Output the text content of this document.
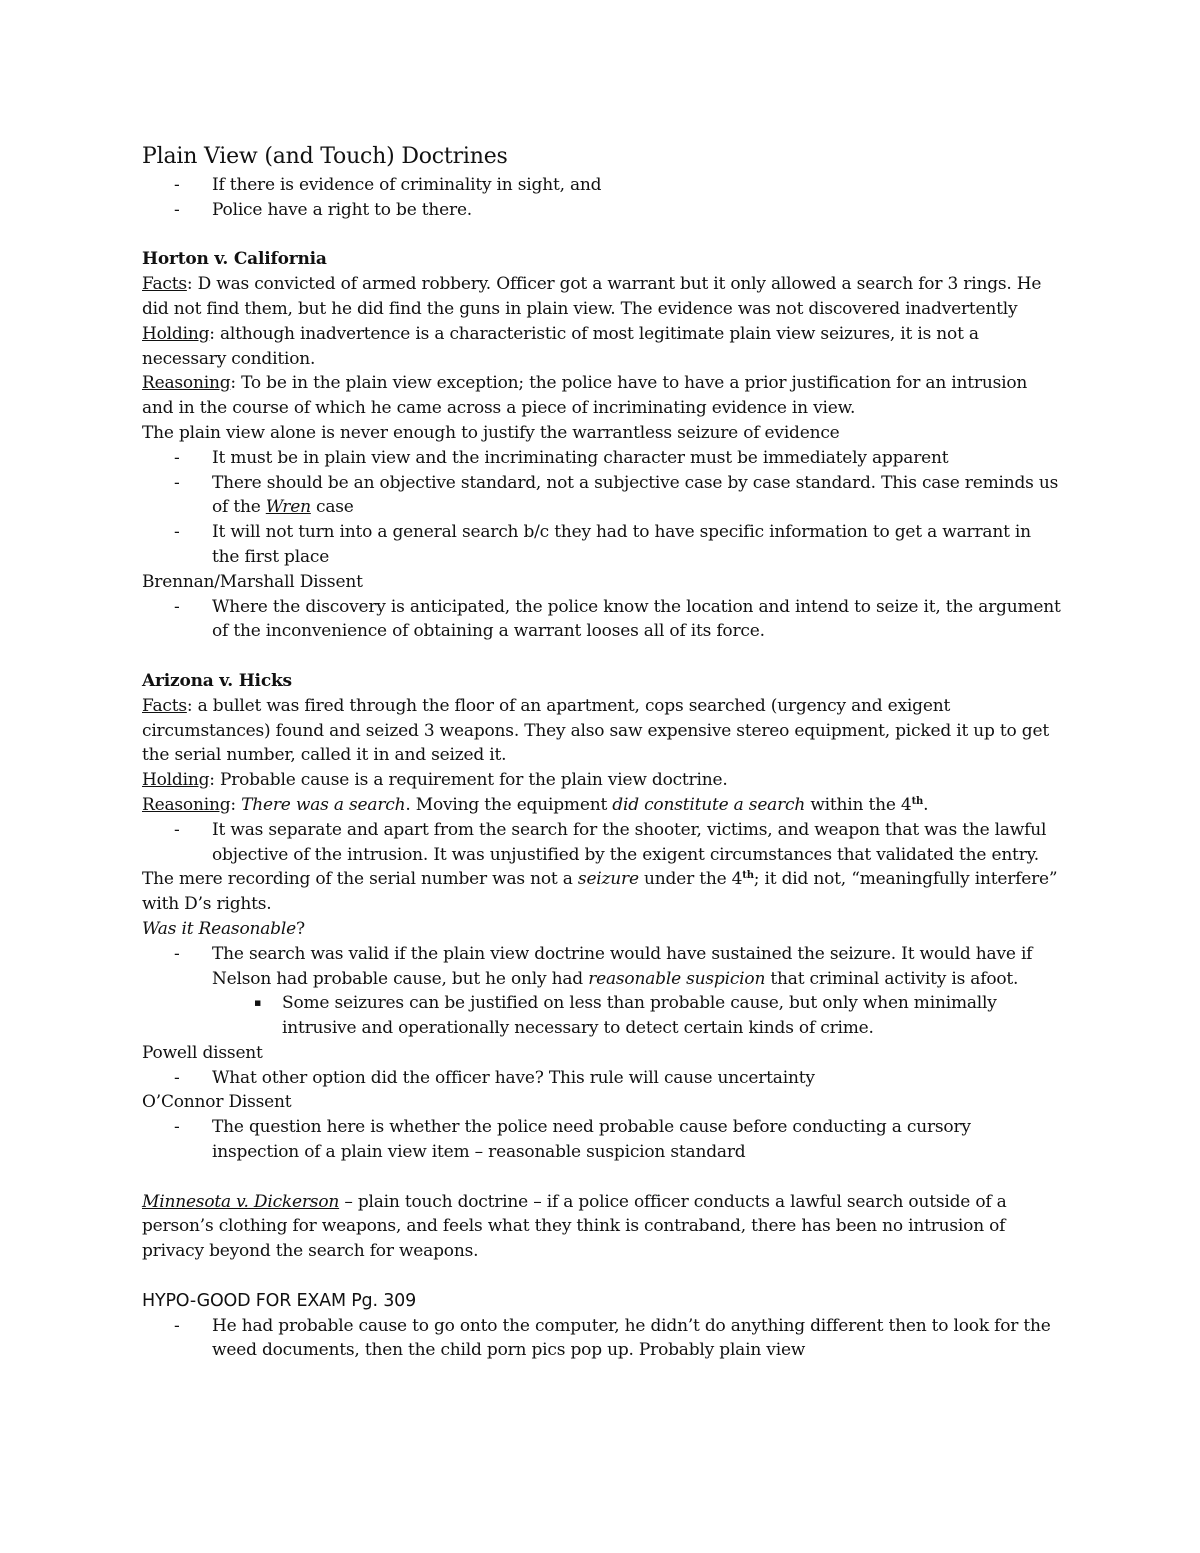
Plain View (and Touch) Doctrines
- If there is evidence of criminality in sight, and
- Police have a right to be there.

Horton v. California

Facts: D was convicted of armed robbery. Officer got a warrant but it only allowed a search for 3 rings. He did not find them, but he did find the guns in plain view. The evidence was not discovered inadvertently

Holding: although inadvertence is a characteristic of most legitimate plain view seizures, it is not a necessary condition.

Reasoning: To be in the plain view exception; the police have to have a prior justification for an intrusion and in the course of which he came across a piece of incriminating evidence in view.

The plain view alone is never enough to justify the warrantless seizure of evidence

- It must be in plain view and the incriminating character must be immediately apparent
- There should be an objective standard, not a subjective case by case standard. This case reminds us of the Wren case
- It will not turn into a general search b/c they had to have specific information to get a warrant in the first place

Brennan/Marshall Dissent

- Where the discovery is anticipated, the police know the location and intend to seize it, the argument of the inconvenience of obtaining a warrant looses all of its force.

Arizona v. Hicks

Facts: a bullet was fired through the floor of an apartment, cops searched (urgency and exigent circumstances) found and seized 3 weapons. They also saw expensive stereo equipment, picked it up to get the serial number, called it in and seized it.

Holding: Probable cause is a requirement for the plain view doctrine.

Reasoning: There was a search. Moving the equipment did constitute a search within the 4th.

- It was separate and apart from the search for the shooter, victims, and weapon that was the lawful objective of the intrusion. It was unjustified by the exigent circumstances that validated the entry.

The mere recording of the serial number was not a seizure under the 4th; it did not, “meaningfully interfere” with D’s rights.

Was it Reasonable?

- The search was valid if the plain view doctrine would have sustained the seizure. It would have if Nelson had probable cause, but he only had reasonable suspicion that criminal activity is afoot.
▪ Some seizures can be justified on less than probable cause, but only when minimally intrusive and operationally necessary to detect certain kinds of crime.

Powell dissent

- What other option did the officer have? This rule will cause uncertainty

O’Connor Dissent

- The question here is whether the police need probable cause before conducting a cursory inspection of a plain view item – reasonable suspicion standard

Minnesota v. Dickerson – plain touch doctrine – if a police officer conducts a lawful search outside of a person’s clothing for weapons, and feels what they think is contraband, there has been no intrusion of privacy beyond the search for weapons.

HYPO-GOOD FOR EXAM Pg. 309

- He had probable cause to go onto the computer, he didn’t do anything different then to look for the weed documents, then the child porn pics pop up. Probably plain view
